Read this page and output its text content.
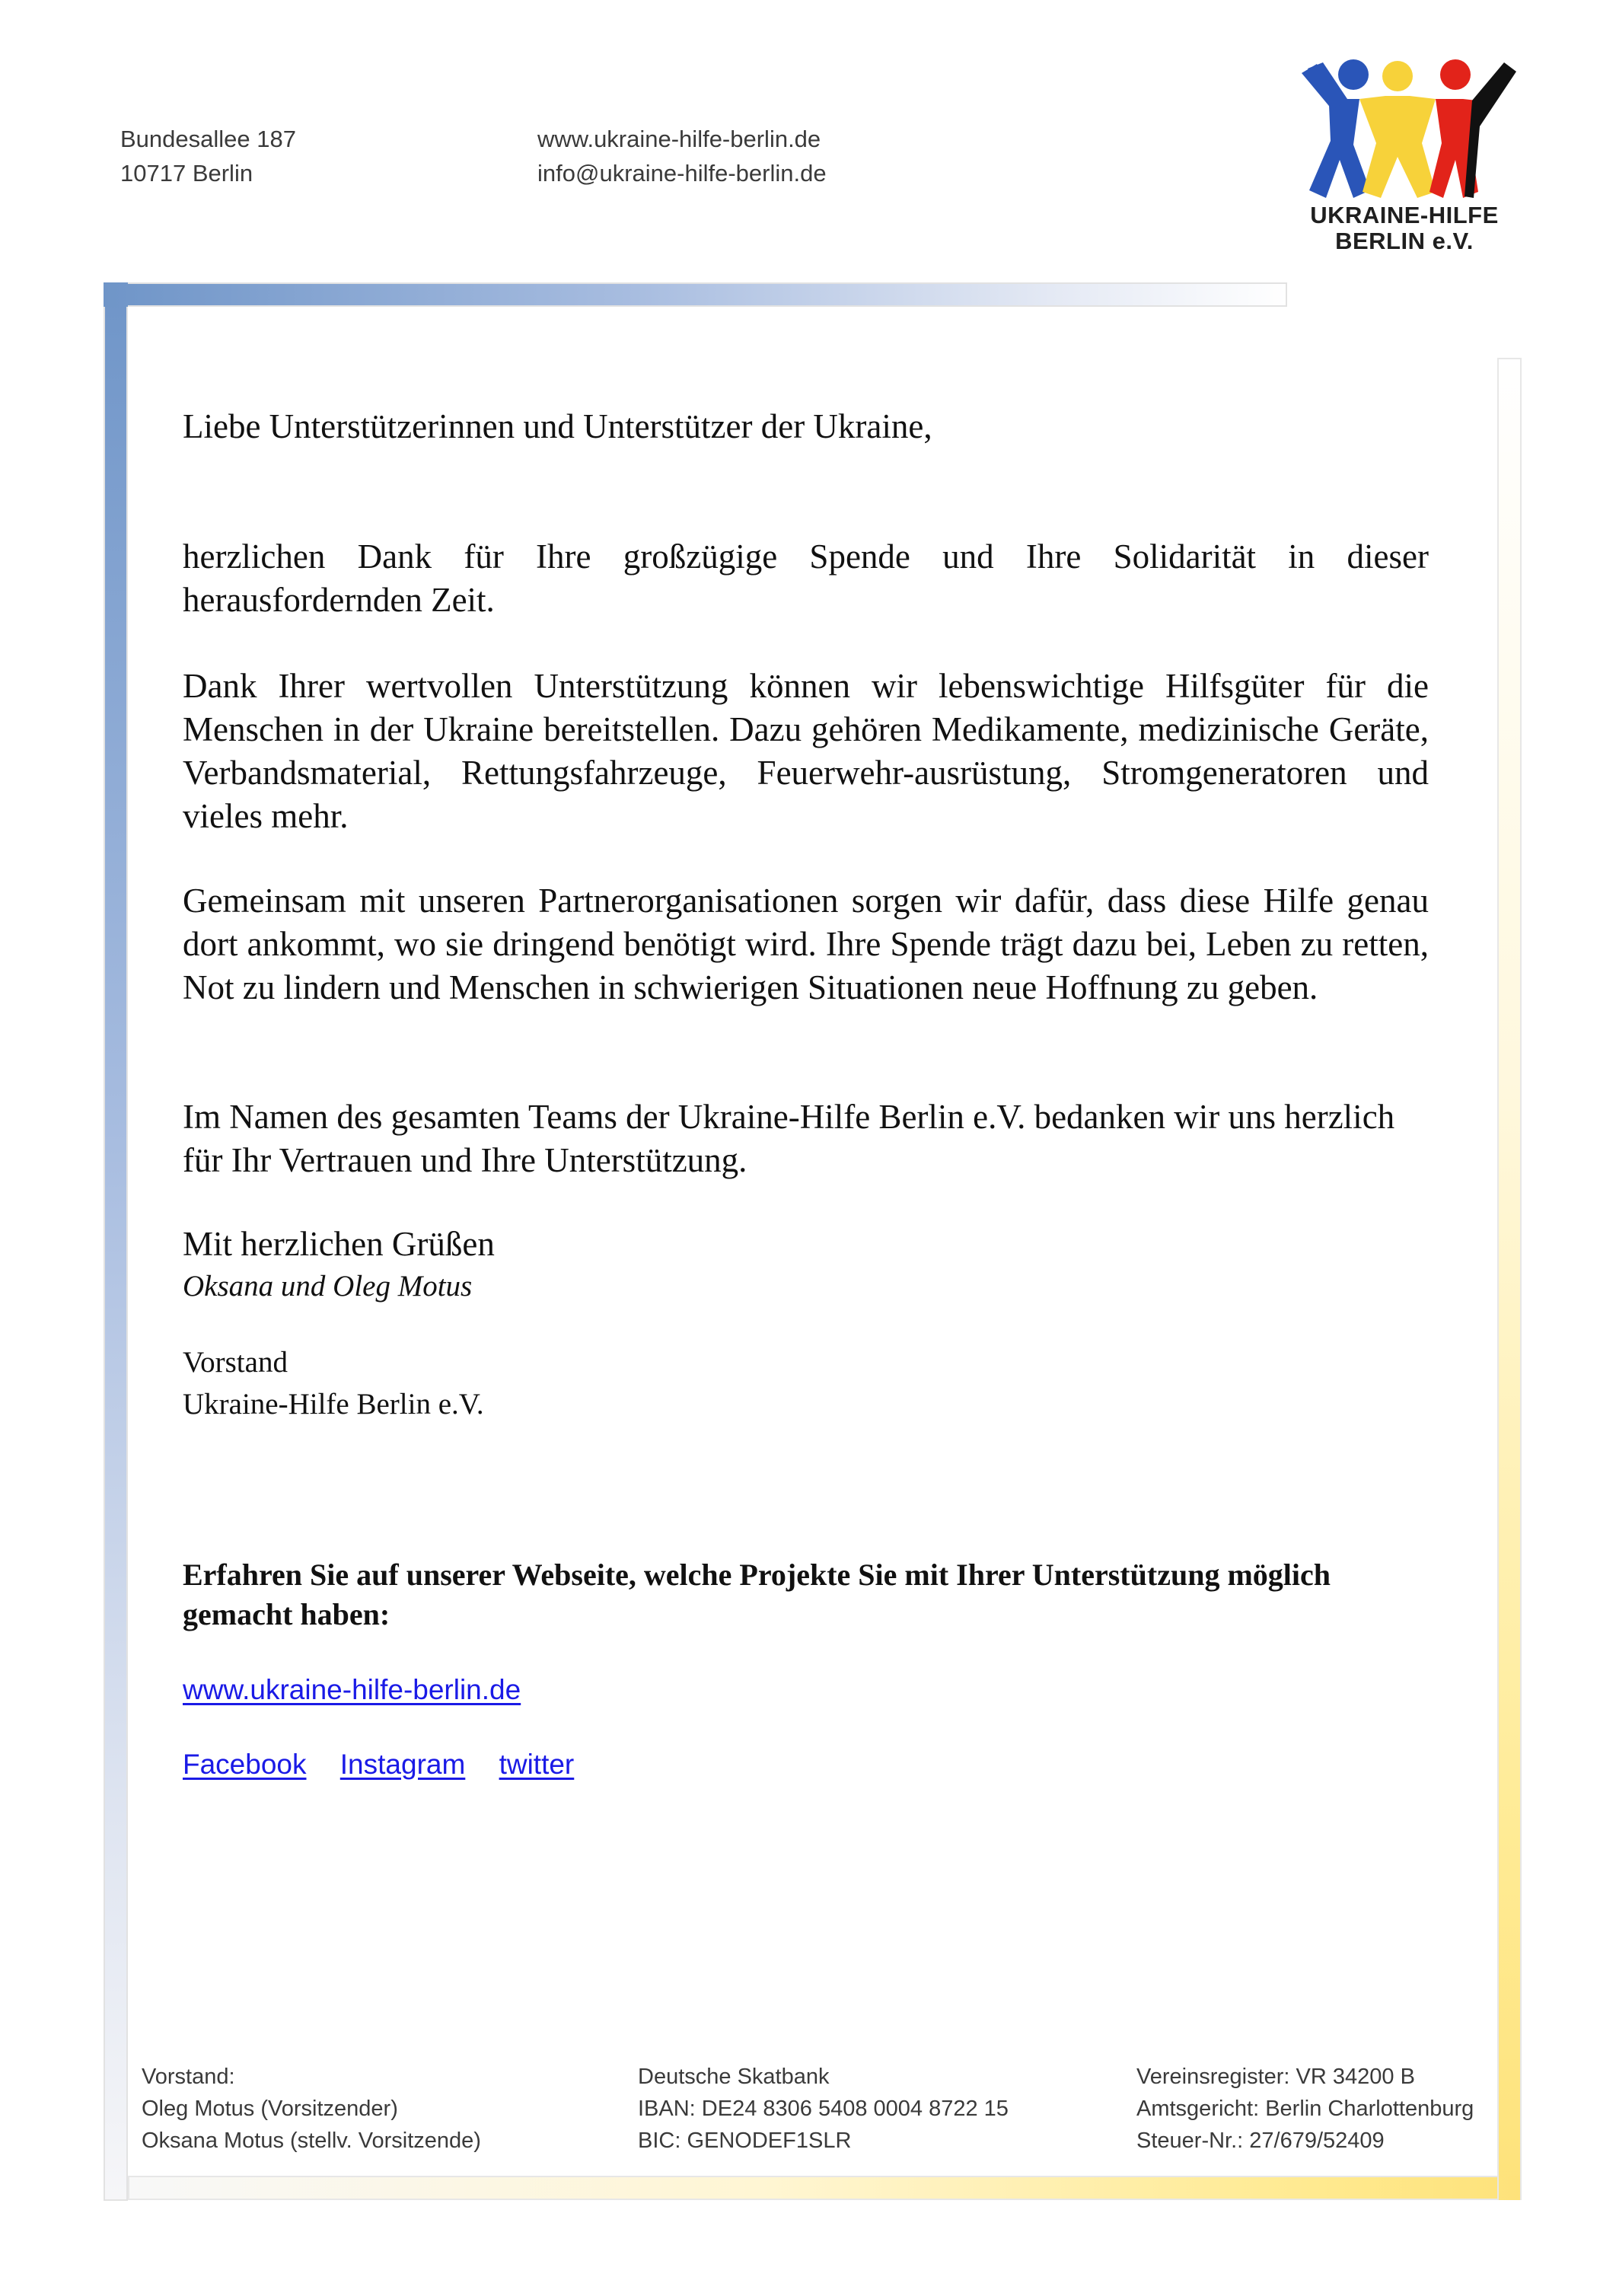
Bundesallee 187
10717 Berlin
www.ukraine-hilfe-berlin.de
info@ukraine-hilfe-berlin.de
UKRAINE-HILFE
BERLIN e.V.
Liebe Unterstützerinnen und Unterstützer der Ukraine,
herzlichen Dank für Ihre großzügige Spende und Ihre Solidarität in dieser herausfordernden Zeit.
Dank Ihrer wertvollen Unterstützung können wir lebenswichtige Hilfsgüter für die Menschen in der Ukraine bereitstellen. Dazu gehören Medikamente, medizinische Geräte, Verbandsmaterial, Rettungsfahrzeuge, Feuerwehr-ausrüstung, Stromgeneratoren und vieles mehr.
Gemeinsam mit unseren Partnerorganisationen sorgen wir dafür, dass diese Hilfe genau dort ankommt, wo sie dringend benötigt wird. Ihre Spende trägt dazu bei, Leben zu retten, Not zu lindern und Menschen in schwierigen Situationen neue Hoffnung zu geben.
Im Namen des gesamten Teams der Ukraine-Hilfe Berlin e.V. bedanken wir uns herzlich für Ihr Vertrauen und Ihre Unterstützung.
Mit herzlichen Grüßen
Oksana und Oleg Motus
Vorstand
Ukraine-Hilfe Berlin e.V.
Erfahren Sie auf unserer Webseite, welche Projekte Sie mit Ihrer Unterstützung möglich gemacht haben:
www.ukraine-hilfe-berlin.de
Facebook Instagram twitter
Vorstand:
Oleg Motus (Vorsitzender)
Oksana Motus (stellv. Vorsitzende)
Deutsche Skatbank
IBAN: DE24 8306 5408 0004 8722 15
BIC: GENODEF1SLR
Vereinsregister: VR 34200 B
Amtsgericht: Berlin Charlottenburg
Steuer-Nr.: 27/679/52409
